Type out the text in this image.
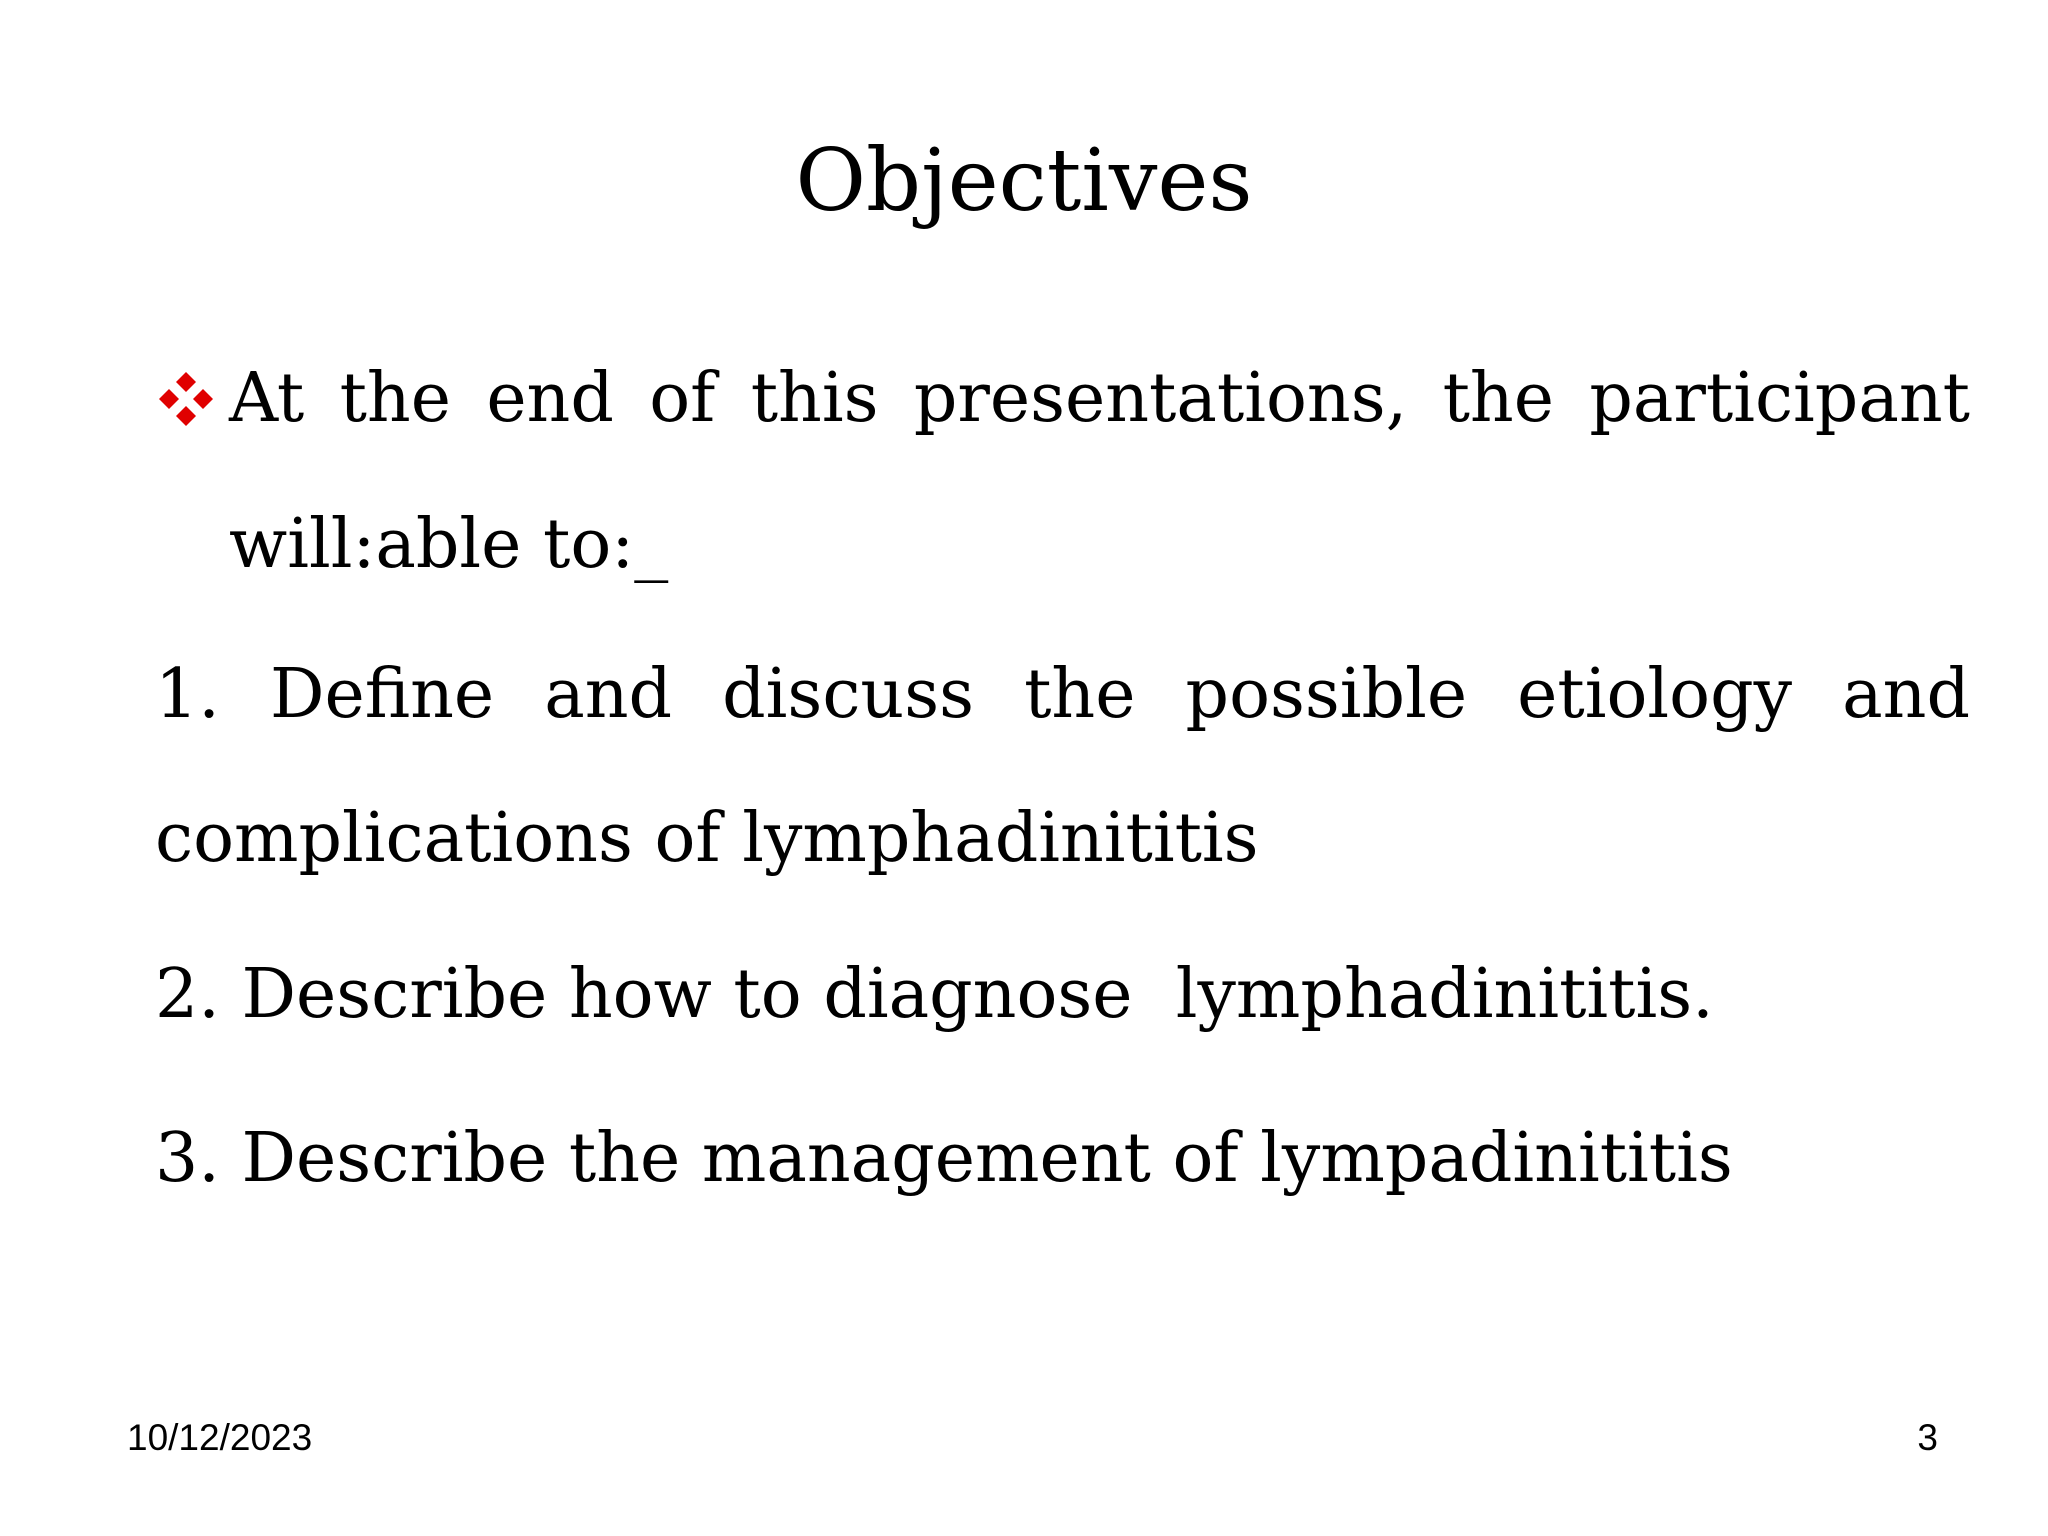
Objectives
At the end of this presentations, the participant
will:able to:_
1. Define and discuss the possible etiology and
complications of lymphadinititis
2. Describe how to diagnose  lymphadinititis.
3. Describe the management of lympadinititis
10/12/2023	3
